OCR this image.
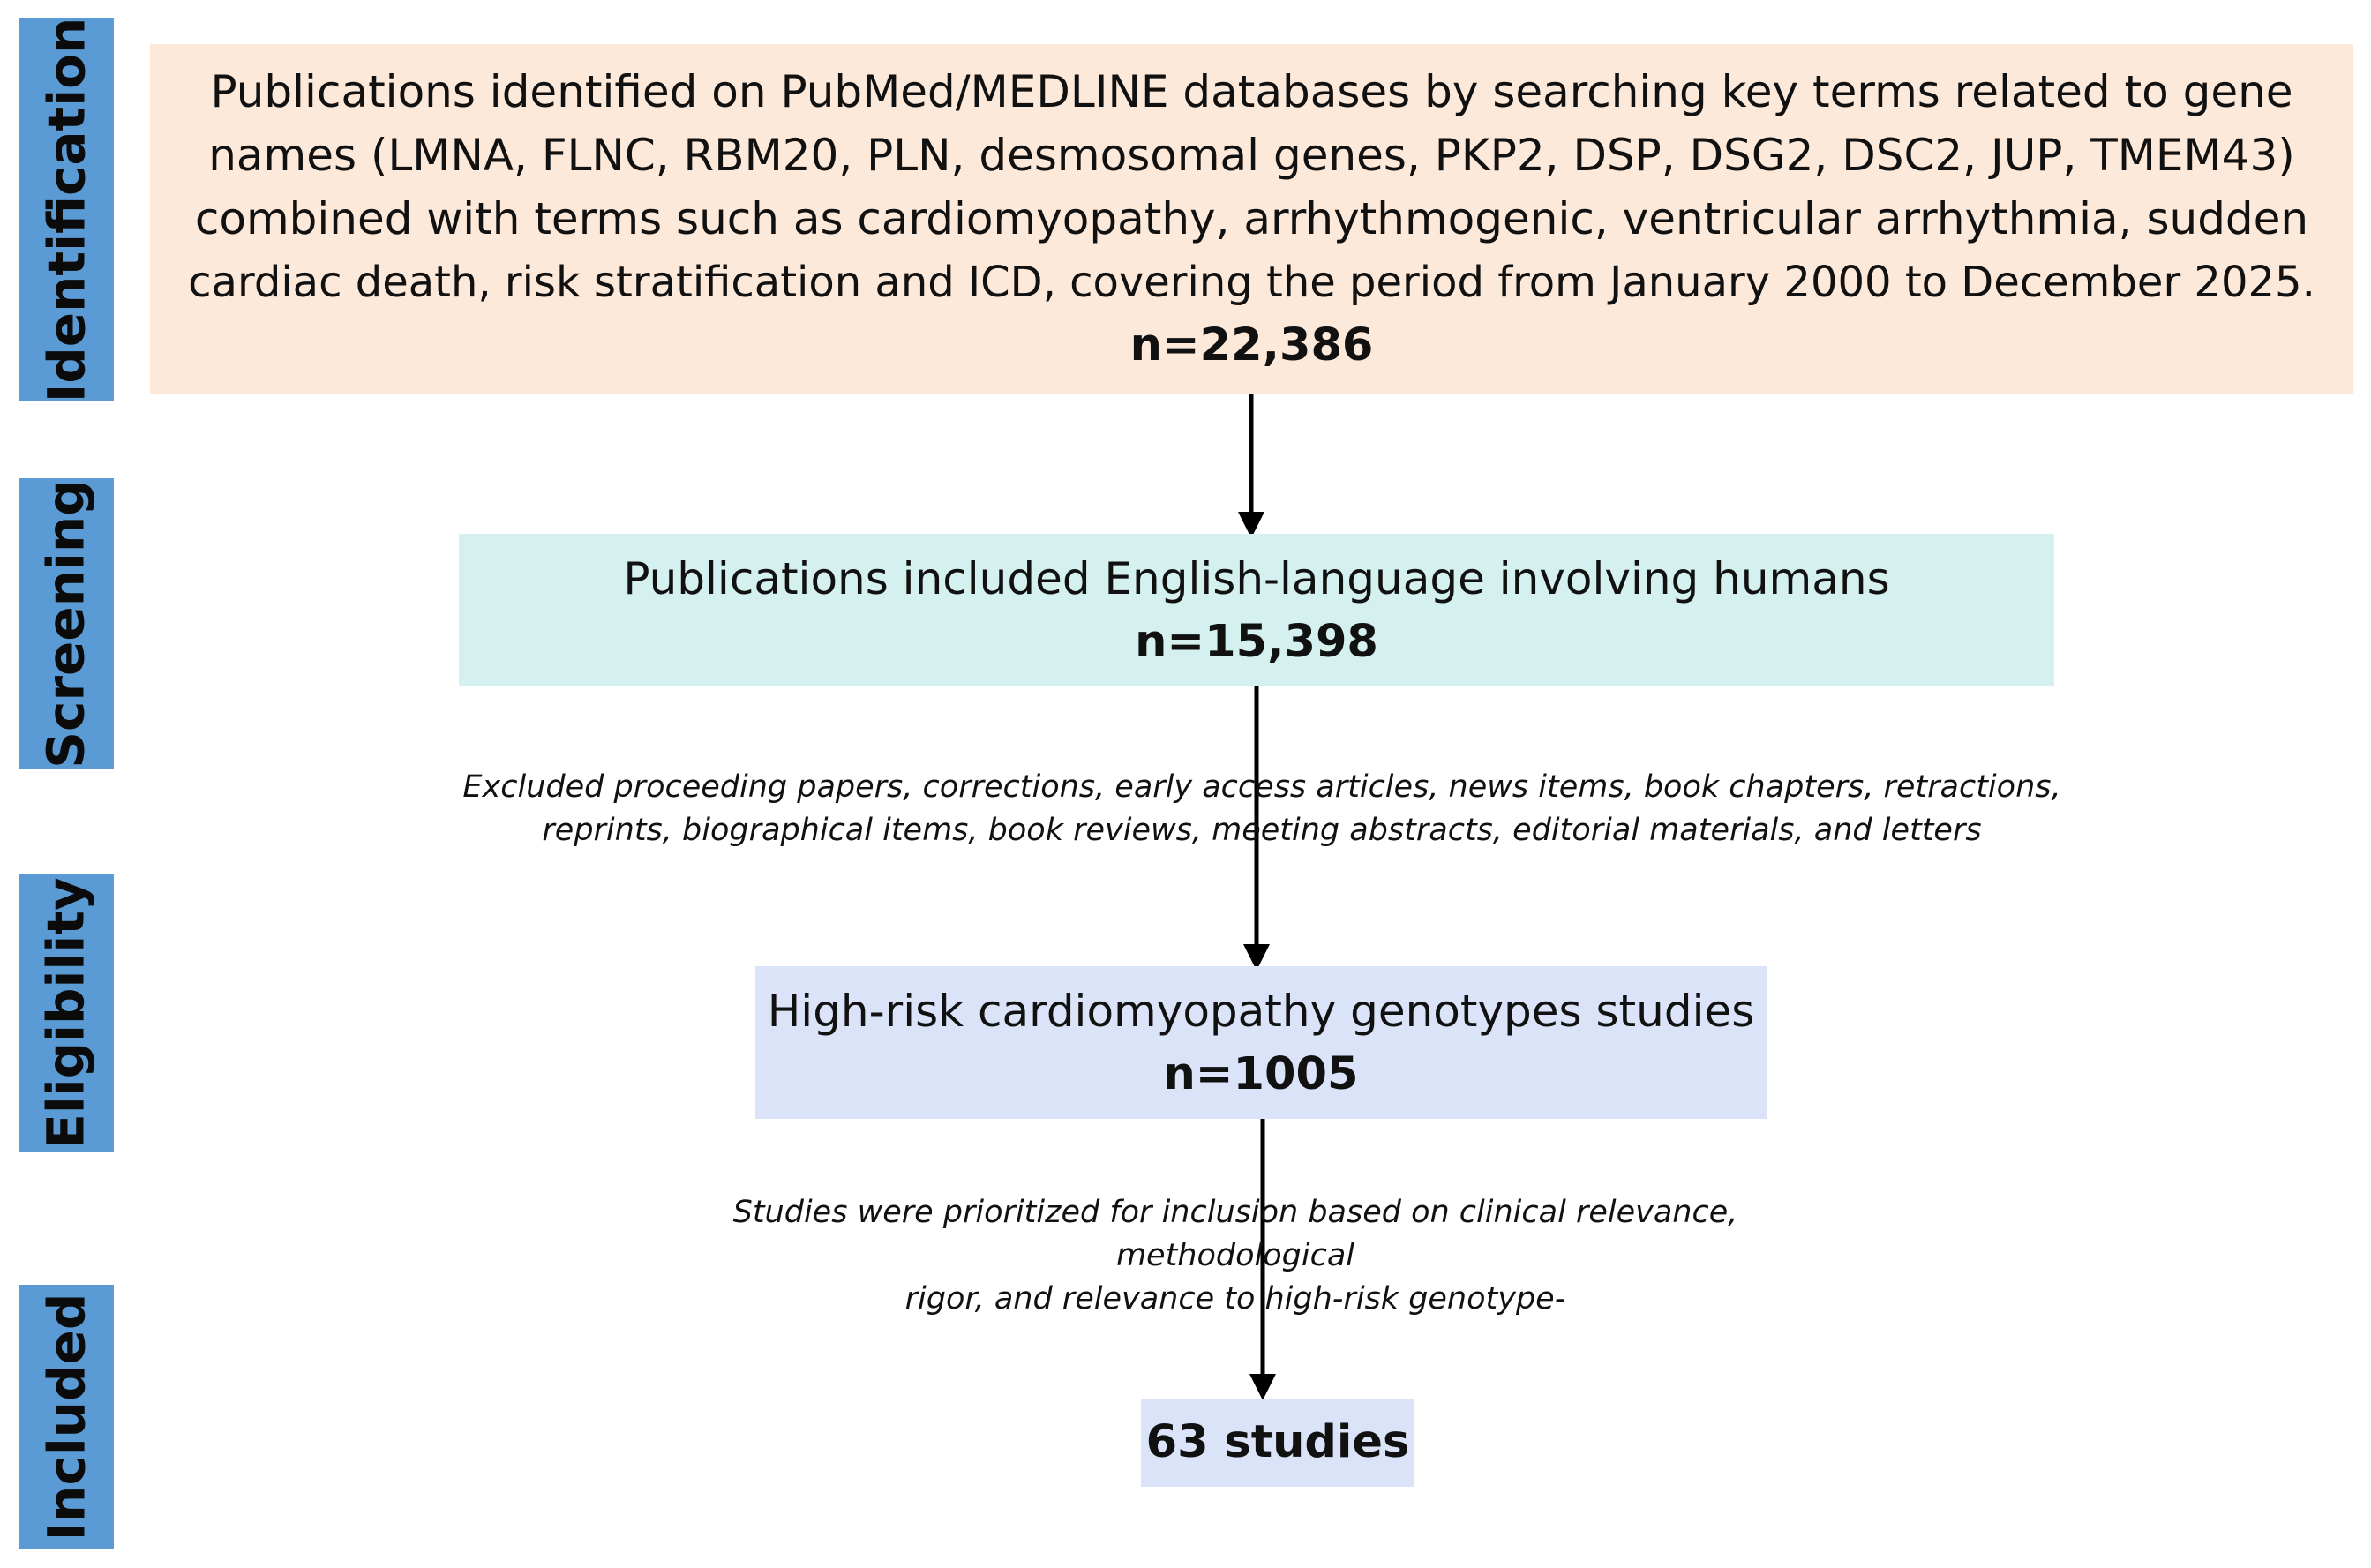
Identification
Screening
Eligibility
Included
Publications identified on PubMed/MEDLINE databases by searching key terms related to gene
names (LMNA, FLNC, RBM20, PLN, desmosomal genes, PKP2, DSP, DSG2, DSC2, JUP, TMEM43)
combined with terms such as cardiomyopathy, arrhythmogenic, ventricular arrhythmia, sudden
cardiac death, risk stratification and ICD, covering the period from January 2000 to December 2025.
n=22,386
Publications included English-language involving humans
n=15,398
Excluded proceeding papers, corrections, early access articles, news items, book chapters, retractions,
reprints, biographical items, book reviews, meeting abstracts, editorial materials, and letters
High-risk cardiomyopathy genotypes studies
n=1005
Studies were prioritized for inclusion based on clinical relevance, methodological
rigor, and relevance to high-risk genotype-
63 studies
